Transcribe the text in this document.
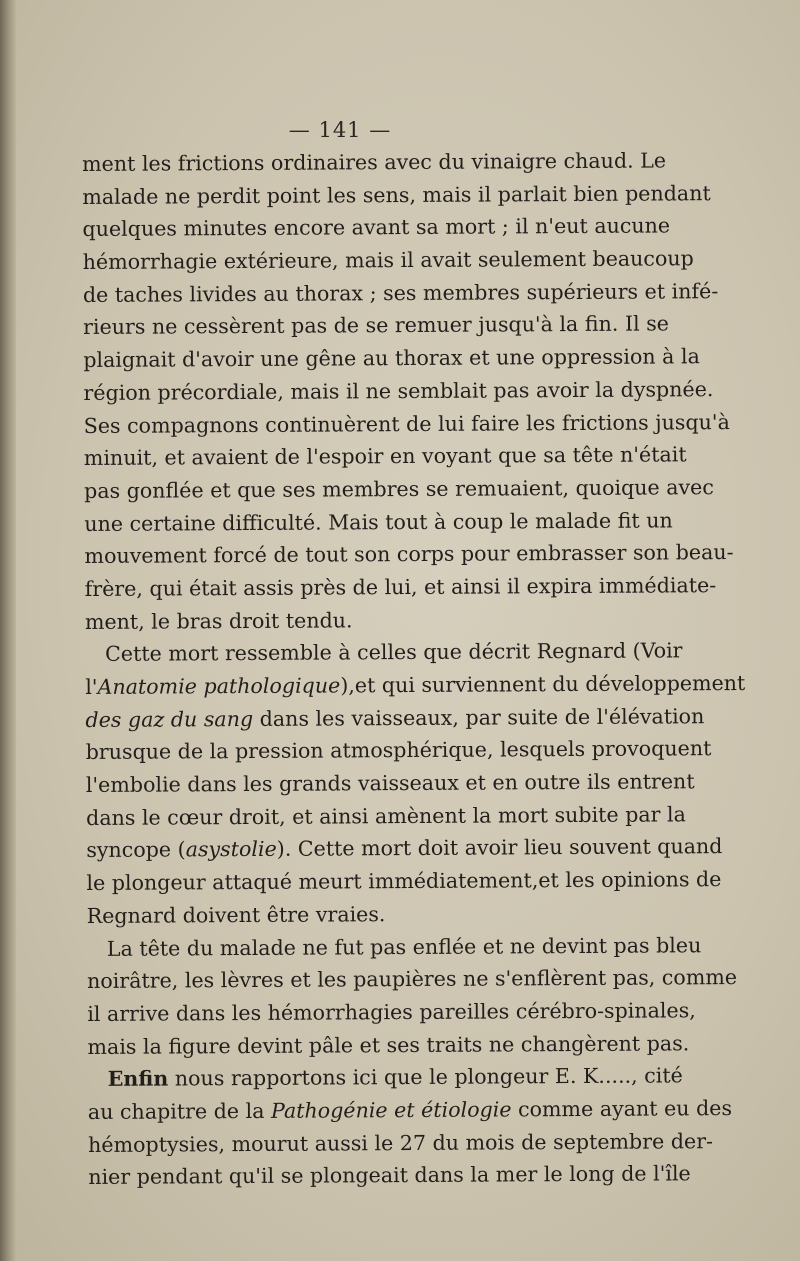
— 141 —
ment les frictions ordinaires avec du vinaigre chaud. Le
malade ne perdit point les sens, mais il parlait bien pendant
quelques minutes encore avant sa mort ; il n'eut aucune
hémorrhagie extérieure, mais il avait seulement beaucoup
de taches livides au thorax ; ses membres supérieurs et infé-
rieurs ne cessèrent pas de se remuer jusqu'à la fin. Il se
plaignait d'avoir une gêne au thorax et une oppression à la
région précordiale, mais il ne semblait pas avoir la dyspnée.
Ses compagnons continuèrent de lui faire les frictions jusqu'à
minuit, et avaient de l'espoir en voyant que sa tête n'était
pas gonflée et que ses membres se remuaient, quoique avec
une certaine difficulté. Mais tout à coup le malade fit un
mouvement forcé de tout son corps pour embrasser son beau-
frère, qui était assis près de lui, et ainsi il expira immédiate-
ment, le bras droit tendu.
Cette mort ressemble à celles que décrit Regnard (Voir
l'Anatomie pathologique),et qui surviennent du développement
des gaz du sang dans les vaisseaux, par suite de l'élévation
brusque de la pression atmosphérique, lesquels provoquent
l'embolie dans les grands vaisseaux et en outre ils entrent
dans le cœur droit, et ainsi amènent la mort subite par la
syncope (asystolie). Cette mort doit avoir lieu souvent quand
le plongeur attaqué meurt immédiatement,et les opinions de
Regnard doivent être vraies.
La tête du malade ne fut pas enflée et ne devint pas bleu
noirâtre, les lèvres et les paupières ne s'enflèrent pas, comme
il arrive dans les hémorrhagies pareilles cérébro-spinales,
mais la figure devint pâle et ses traits ne changèrent pas.
Enfin nous rapportons ici que le plongeur E. K....., cité
au chapitre de la Pathogénie et étiologie comme ayant eu des
hémoptysies, mourut aussi le 27 du mois de septembre der-
nier pendant qu'il se plongeait dans la mer le long de l'île
